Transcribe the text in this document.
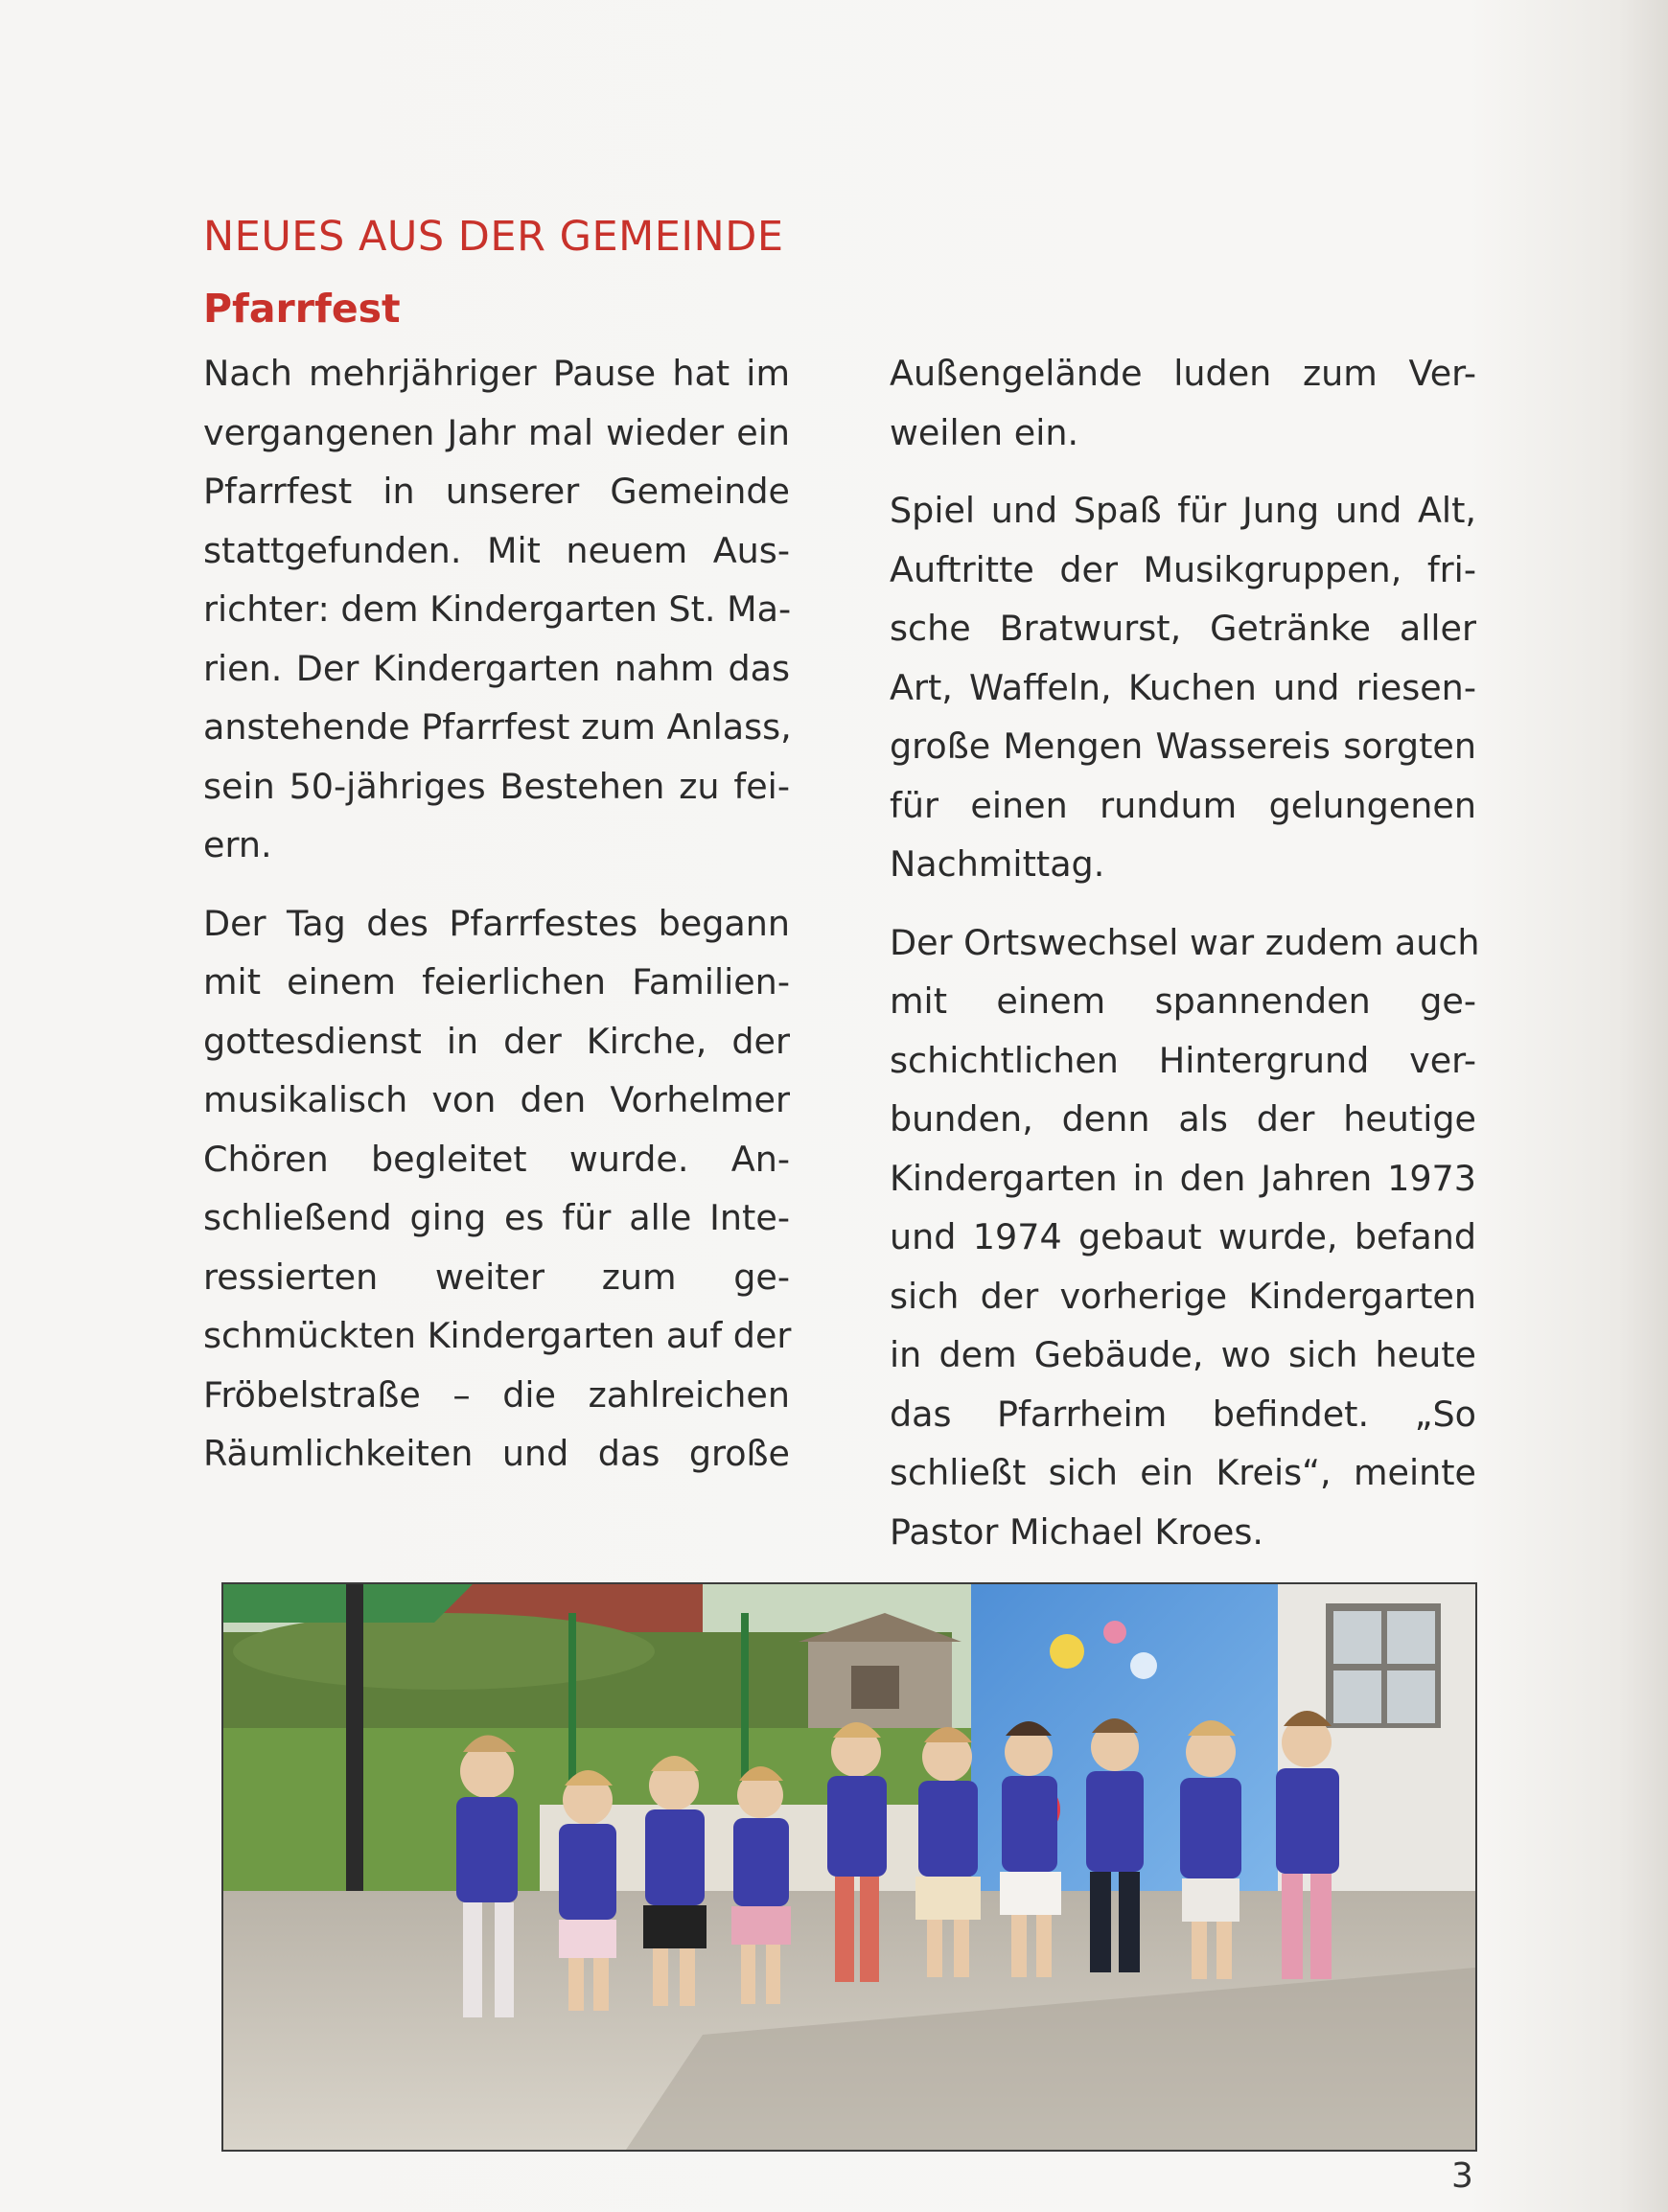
NEUES AUS DER GEMEINDE
Pfarrfest
Nach mehrjähriger Pause hat im
vergangenen Jahr mal wieder ein
Pfarrfest in unserer Gemeinde
stattgefunden. Mit neuem Aus-
richter: dem Kindergarten St. Ma-
rien. Der Kindergarten nahm das
anstehende Pfarrfest zum Anlass,
sein 50-jähriges Bestehen zu fei-
ern.
Der Tag des Pfarrfestes begann
mit einem feierlichen Familien-
gottesdienst in der Kirche, der
musikalisch von den Vorhelmer
Chören begleitet wurde. An-
schließend ging es für alle Inte-
ressierten weiter zum ge-
schmückten Kindergarten auf der
Fröbelstraße – die zahlreichen
Räumlichkeiten und das große
Außengelände luden zum Ver-
weilen ein.
Spiel und Spaß für Jung und Alt,
Auftritte der Musikgruppen, fri-
sche Bratwurst, Getränke aller
Art, Waffeln, Kuchen und riesen-
große Mengen Wassereis sorgten
für einen rundum gelungenen
Nachmittag.
Der Ortswechsel war zudem auch
mit einem spannenden ge-
schichtlichen Hintergrund ver-
bunden, denn als der heutige
Kindergarten in den Jahren 1973
und 1974 gebaut wurde, befand
sich der vorherige Kindergarten
in dem Gebäude, wo sich heute
das Pfarrheim befindet. „So
schließt sich ein Kreis“, meinte
Pastor Michael Kroes.
3
